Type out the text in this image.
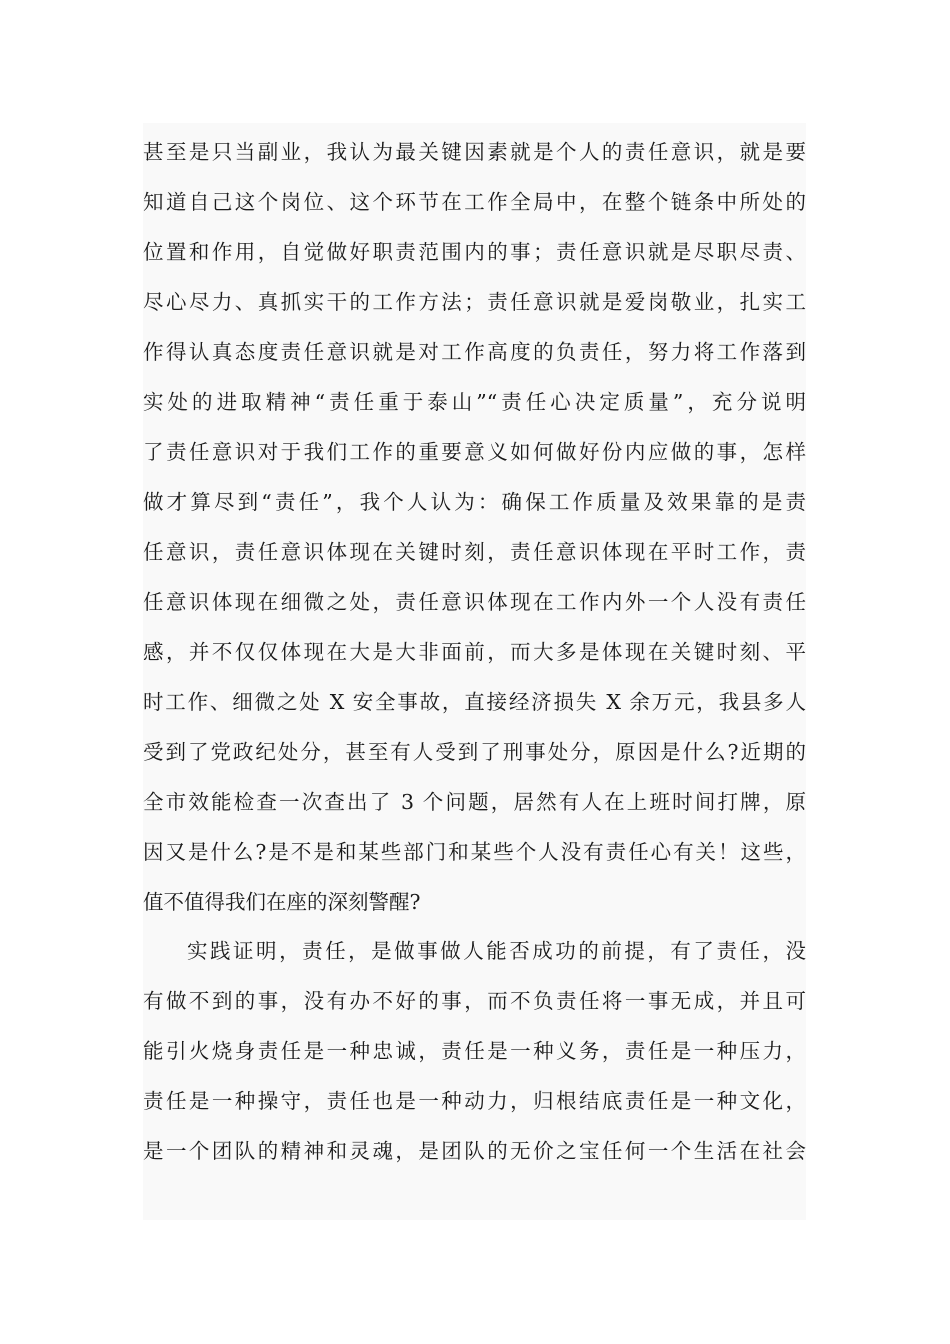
甚至是只当副业，我认为最关键因素就是个人的责任意识，就是要
知道自己这个岗位、这个环节在工作全局中，在整个链条中所处的
位置和作用，自觉做好职责范围内的事；责任意识就是尽职尽责、
尽心尽力、真抓实干的工作方法；责任意识就是爱岗敬业，扎实工
作得认真态度责任意识就是对工作高度的负责任，努力将工作落到
实处的进取精神“责任重于泰山”“责任心决定质量”，充分说明
了责任意识对于我们工作的重要意义如何做好份内应做的事，怎样
做才算尽到“责任”，我个人认为：确保工作质量及效果靠的是责
任意识，责任意识体现在关键时刻，责任意识体现在平时工作，责
任意识体现在细微之处，责任意识体现在工作内外一个人没有责任
感，并不仅仅体现在大是大非面前，而大多是体现在关键时刻、平
时工作、细微之处 X 安全事故，直接经济损失 X 余万元，我县多人
受到了党政纪处分，甚至有人受到了刑事处分，原因是什么?近期的
全市效能检查一次查出了 3 个问题，居然有人在上班时间打牌，原
因又是什么?是不是和某些部门和某些个人没有责任心有关！这些，
值不值得我们在座的深刻警醒?
实践证明，责任，是做事做人能否成功的前提，有了责任，没
有做不到的事，没有办不好的事，而不负责任将一事无成，并且可
能引火烧身责任是一种忠诚，责任是一种义务，责任是一种压力，
责任是一种操守，责任也是一种动力，归根结底责任是一种文化，
是一个团队的精神和灵魂，是团队的无价之宝任何一个生活在社会
